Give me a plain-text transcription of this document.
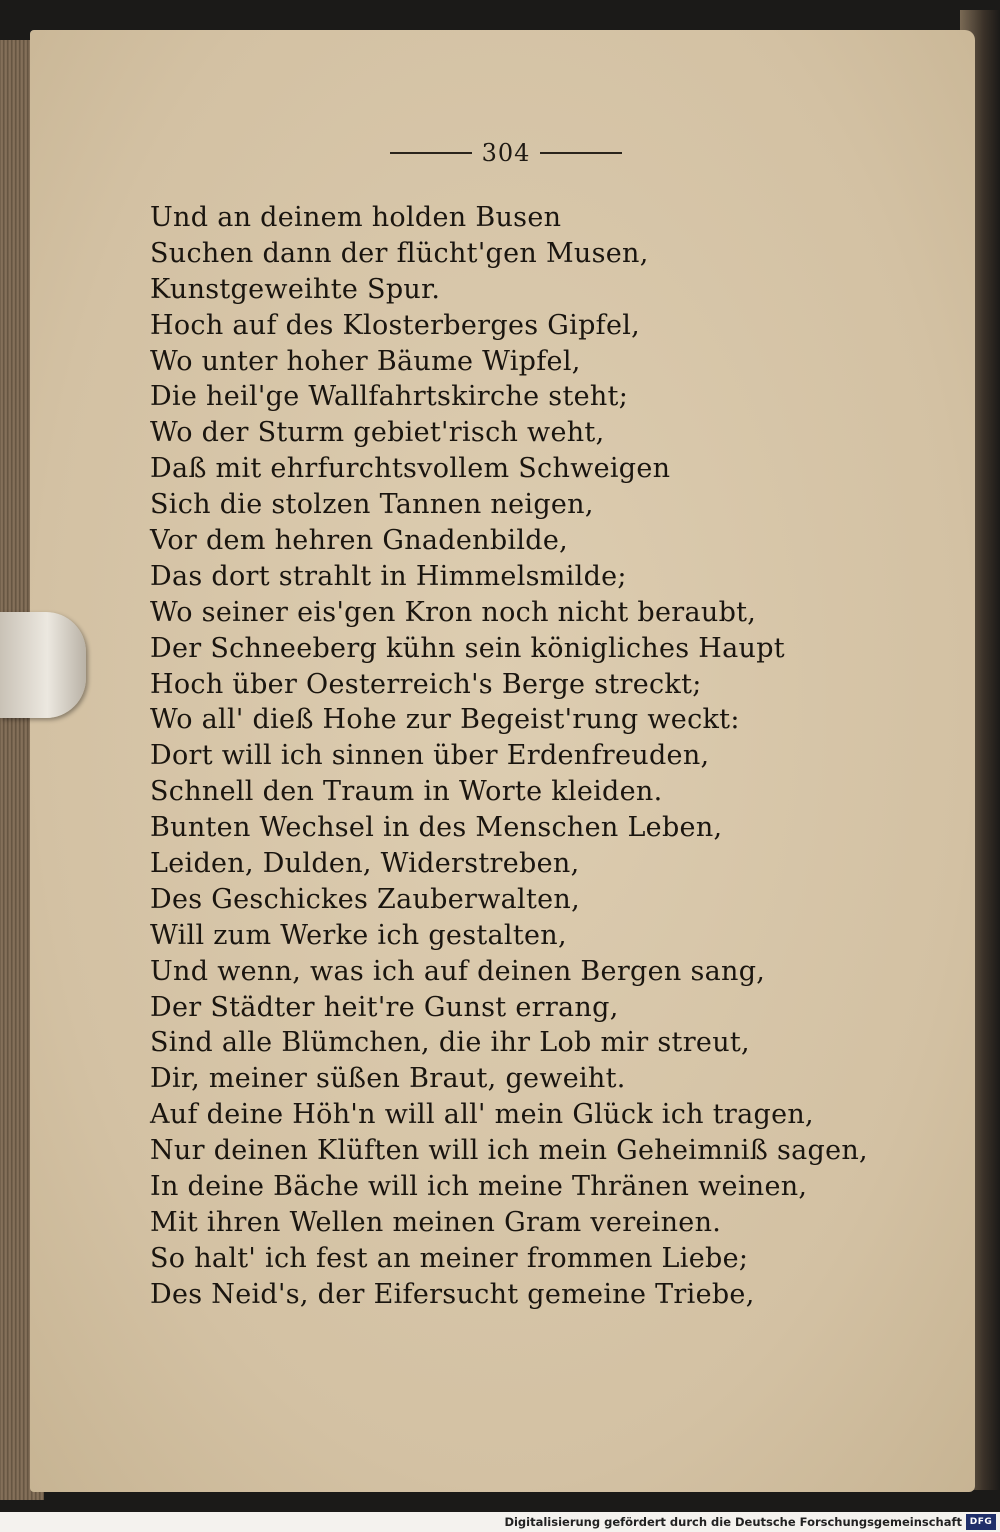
304
Und an deinem holden Busen
Suchen dann der flücht'gen Musen,
Kunstgeweihte Spur.
Hoch auf des Klosterberges Gipfel,
Wo unter hoher Bäume Wipfel,
Die heil'ge Wallfahrtskirche steht;
Wo der Sturm gebiet'risch weht,
Daß mit ehrfurchtsvollem Schweigen
Sich die stolzen Tannen neigen,
Vor dem hehren Gnadenbilde,
Das dort strahlt in Himmelsmilde;
Wo seiner eis'gen Kron noch nicht beraubt,
Der Schneeberg kühn sein königliches Haupt
Hoch über Oesterreich's Berge streckt;
Wo all' dieß Hohe zur Begeist'rung weckt:
Dort will ich sinnen über Erdenfreuden,
Schnell den Traum in Worte kleiden.
Bunten Wechsel in des Menschen Leben,
Leiden, Dulden, Widerstreben,
Des Geschickes Zauberwalten,
Will zum Werke ich gestalten,
Und wenn, was ich auf deinen Bergen sang,
Der Städter heit're Gunst errang,
Sind alle Blümchen, die ihr Lob mir streut,
Dir, meiner süßen Braut, geweiht.
Auf deine Höh'n will all' mein Glück ich tragen,
Nur deinen Klüften will ich mein Geheimniß sagen,
In deine Bäche will ich meine Thränen weinen,
Mit ihren Wellen meinen Gram vereinen.
So halt' ich fest an meiner frommen Liebe;
Des Neid's, der Eifersucht gemeine Triebe,
Digitalisierung gefördert durch die Deutsche Forschungsgemeinschaft DFG
